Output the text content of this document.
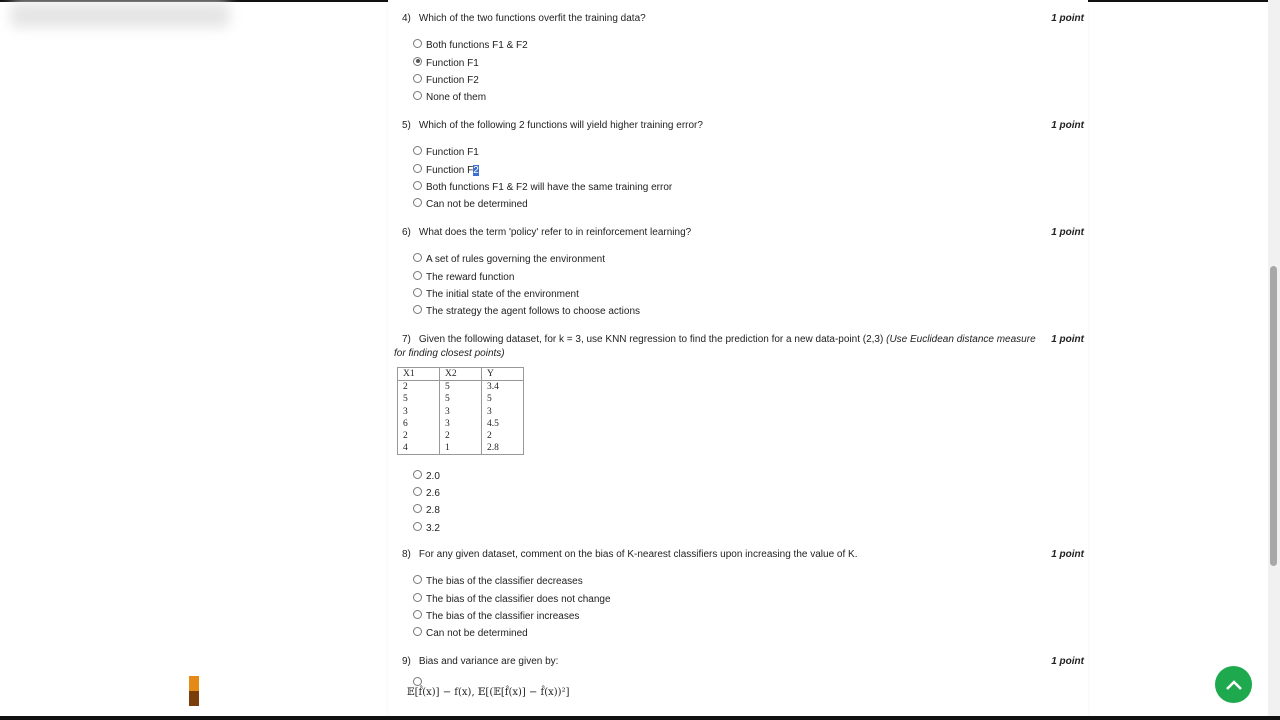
4) Which of the two functions overfit the training data?	1 point
Both functions F1 & F2
Function F1
Function F2
None of them
5) Which of the following 2 functions will yield higher training error?	1 point
Function F1
Function F 2
Both functions F1 & F2 will have the same training error
Can not be determined
6) What does the term 'policy' refer to in reinforcement learning?	1 point
A set of rules governing the environment
The reward function
The initial state of the environment
The strategy the agent follows to choose actions
7) Given the following dataset, for k = 3, use KNN regression to find the prediction for a new data-point (2,3) (Use Euclidean distance measure for finding closest points)
1 point
X1	X2	Y
2	5	3.4
5	5	5
3	3	3
6	3	4.5
2	2	2
4	1	2.8
2.0
2.6
2.8
3.2
8) For any given dataset, comment on the bias of K-nearest classifiers upon increasing the value of K.	1 point
The bias of the classifier decreases
The bias of the classifier does not change
The bias of the classifier increases
Can not be determined
9) Bias and variance are given by:	1 point
𝔼[f̂(x)] − f(x), 𝔼[(𝔼[f̂(x)] − f̂(x))²]
